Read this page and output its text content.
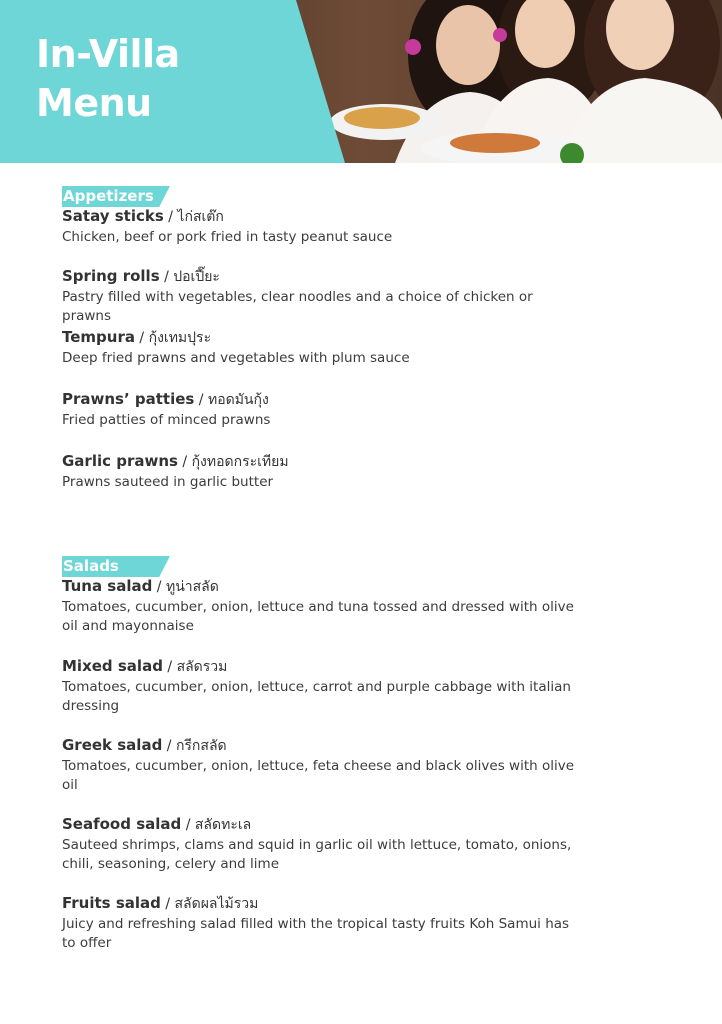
In-Villa
Menu
Appetizers
Satay sticks / ไก่สเต๊ก
Chicken, beef or pork fried in tasty peanut sauce
Spring rolls / ปอเปี๊ยะ
Pastry filled with vegetables, clear noodles and a choice of chicken or prawns
Tempura / กุ้งเทมปุระ
Deep fried prawns and vegetables with plum sauce
Prawns’ patties / ทอดมันกุ้ง
Fried patties of minced prawns
Garlic prawns / กุ้งทอดกระเทียม
Prawns sauteed in garlic butter
Salads
Tuna salad / ทูน่าสลัด
Tomatoes, cucumber, onion, lettuce and tuna tossed and dressed with olive oil and mayonnaise
Mixed salad / สลัดรวม
Tomatoes, cucumber, onion, lettuce, carrot and purple cabbage with italian dressing
Greek salad / กรีกสลัด
Tomatoes, cucumber, onion, lettuce, feta cheese and black olives with olive oil
Seafood salad / สลัดทะเล
Sauteed shrimps, clams and squid in garlic oil with lettuce, tomato, onions, chili, seasoning, celery and lime
Fruits salad / สลัดผลไม้รวม
Juicy and refreshing salad filled with the tropical tasty fruits Koh Samui has to offer
